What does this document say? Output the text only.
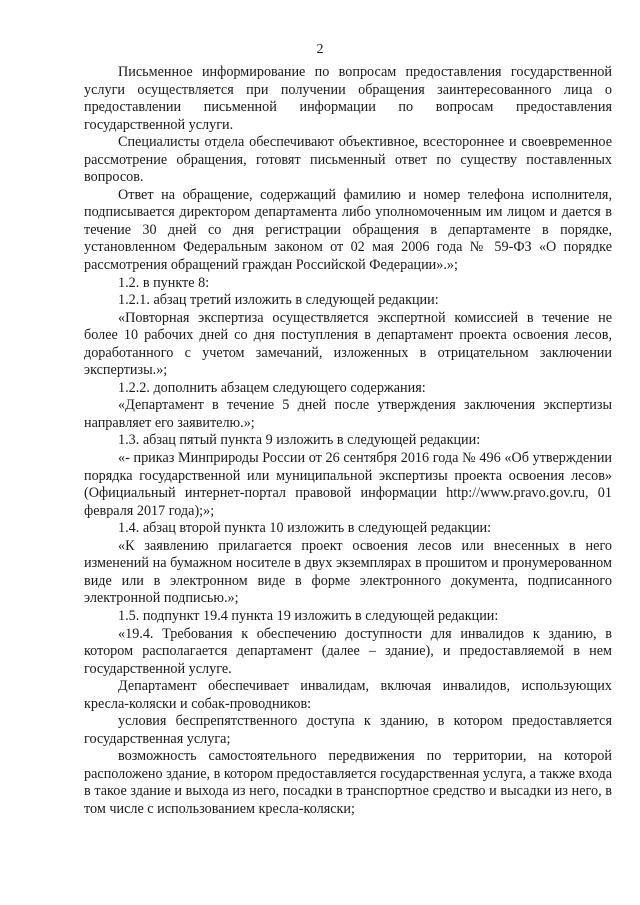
2

Письменное информирование по вопросам предоставления государственной услуги осуществляется при получении обращения заинтересованного лица о предоставлении письменной информации по вопросам предоставления государственной услуги.

Специалисты отдела обеспечивают объективное, всестороннее и своевременное рассмотрение обращения, готовят письменный ответ по существу поставленных вопросов.

Ответ на обращение, содержащий фамилию и номер телефона исполнителя, подписывается директором департамента либо уполномоченным им лицом и дается в течение 30 дней со дня регистрации обращения в департаменте в порядке, установленном Федеральным законом от 02 мая 2006 года № 59-ФЗ «О порядке рассмотрения обращений граждан Российской Федерации».»;

1.2. в пункте 8:

1.2.1. абзац третий изложить в следующей редакции:

«Повторная экспертиза осуществляется экспертной комиссией в течение не более 10 рабочих дней со дня поступления в департамент проекта освоения лесов, доработанного с учетом замечаний, изложенных в отрицательном заключении экспертизы.»;

1.2.2. дополнить абзацем следующего содержания:

«Департамент в течение 5 дней после утверждения заключения экспертизы направляет его заявителю.»;

1.3. абзац пятый пункта 9 изложить в следующей редакции:

«- приказ Минприроды России от 26 сентября 2016 года № 496 «Об утверждении порядка государственной или муниципальной экспертизы проекта освоения лесов» (Официальный интернет-портал правовой информации http://www.pravo.gov.ru, 01 февраля 2017 года);»;

1.4. абзац второй пункта 10 изложить в следующей редакции:

«К заявлению прилагается проект освоения лесов или внесенных в него изменений на бумажном носителе в двух экземплярах в прошитом и пронумерованном виде или в электронном виде в форме электронного документа, подписанного электронной подписью.»;

1.5. подпункт 19.4 пункта 19 изложить в следующей редакции:

«19.4. Требования к обеспечению доступности для инвалидов к зданию, в котором располагается департамент (далее – здание), и предоставляемой в нем государственной услуге.

Департамент обеспечивает инвалидам, включая инвалидов, использующих кресла-коляски и собак-проводников:

условия беспрепятственного доступа к зданию, в котором предоставляется государственная услуга;

возможность самостоятельного передвижения по территории, на которой расположено здание, в котором предоставляется государственная услуга, а также входа в такое здание и выхода из него, посадки в транспортное средство и высадки из него, в том числе с использованием кресла-коляски;
